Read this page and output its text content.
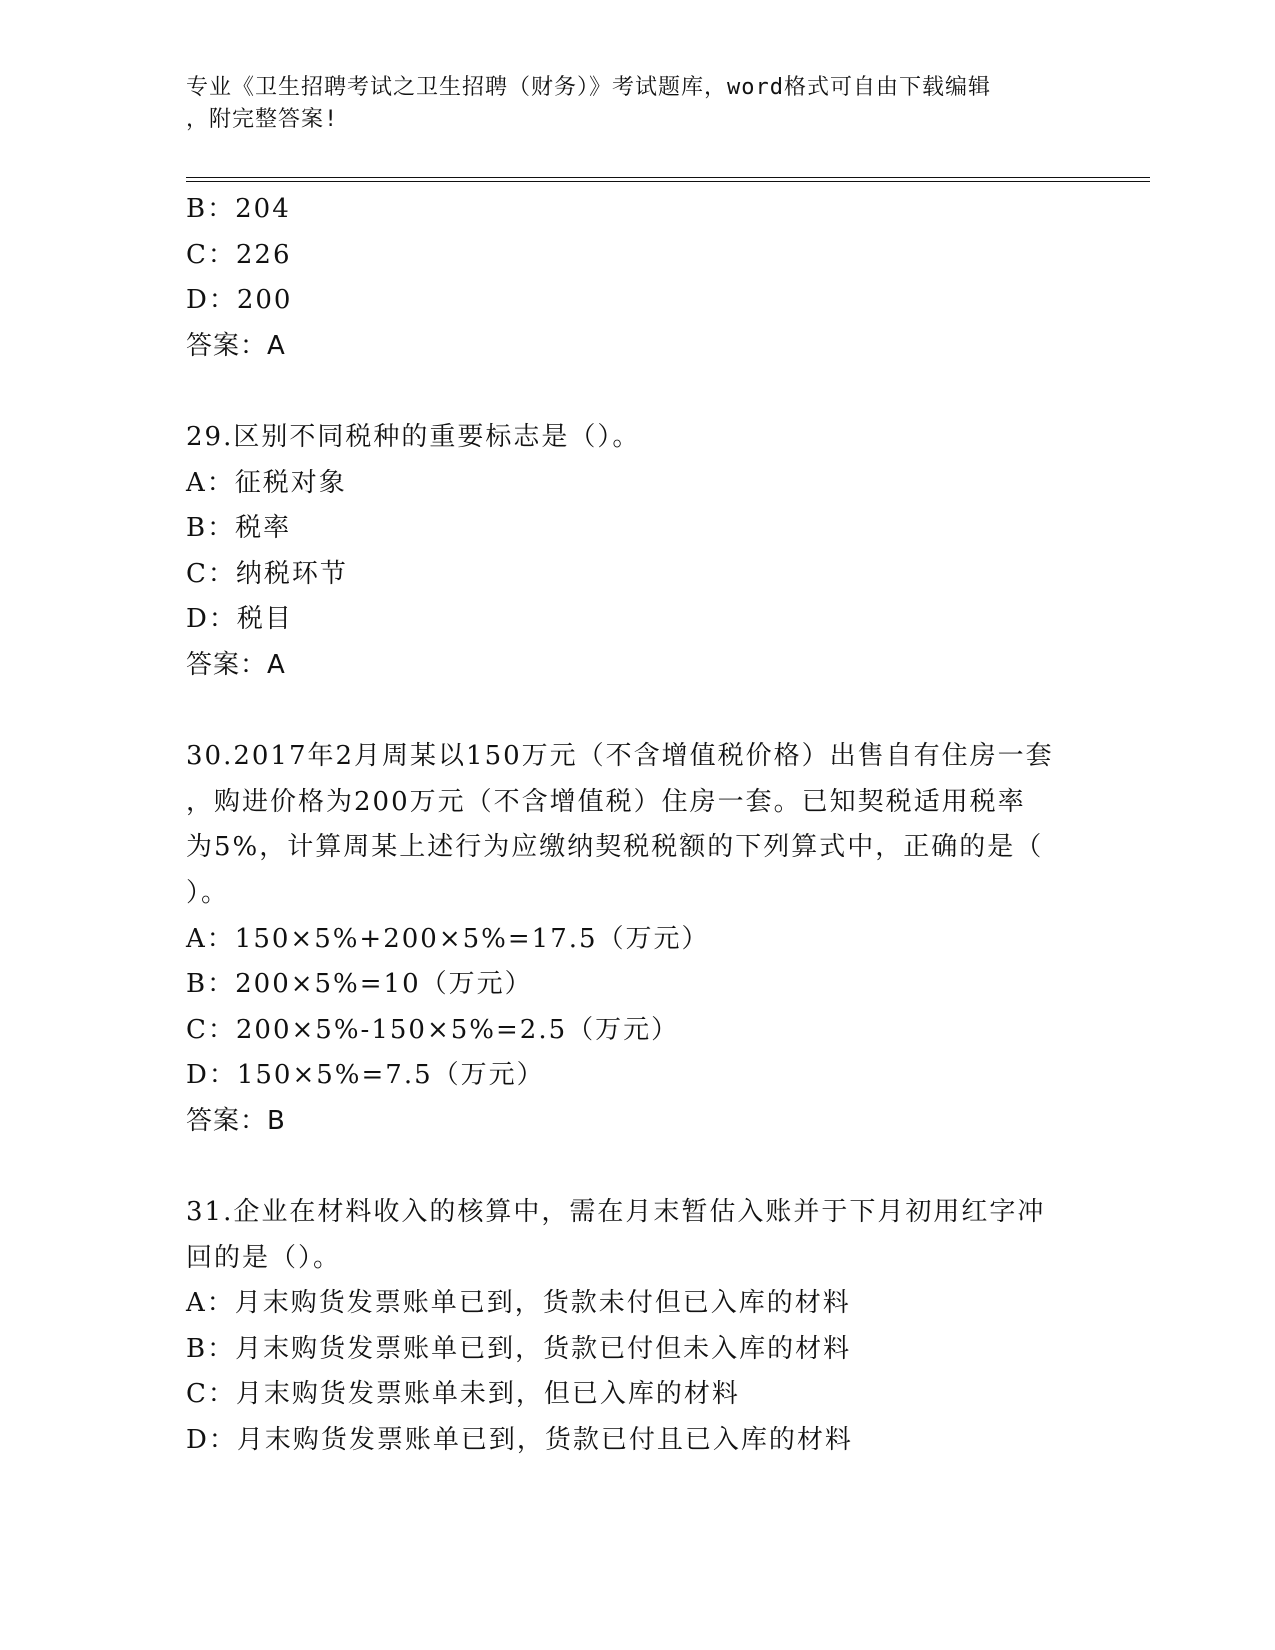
专业《卫生招聘考试之卫生招聘（财务）》考试题库，word格式可自由下载编辑
，附完整答案!
B：204
C：226
D：200
答案：A
29.区别不同税种的重要标志是（）。
A：征税对象
B：税率
C：纳税环节
D：税目
答案：A
30.2017年2月周某以150万元（不含增值税价格）出售自有住房一套
，购进价格为200万元（不含增值税）住房一套。已知契税适用税率
为5%，计算周某上述行为应缴纳契税税额的下列算式中，正确的是（
）。
A：150×5%+200×5%=17.5（万元）
B：200×5%=10（万元）
C：200×5%-150×5%=2.5（万元）
D：150×5%=7.5（万元）
答案：B
31.企业在材料收入的核算中，需在月末暂估入账并于下月初用红字冲
回的是（）。
A：月末购货发票账单已到，货款未付但已入库的材料
B：月末购货发票账单已到，货款已付但未入库的材料
C：月末购货发票账单未到，但已入库的材料
D：月末购货发票账单已到，货款已付且已入库的材料
